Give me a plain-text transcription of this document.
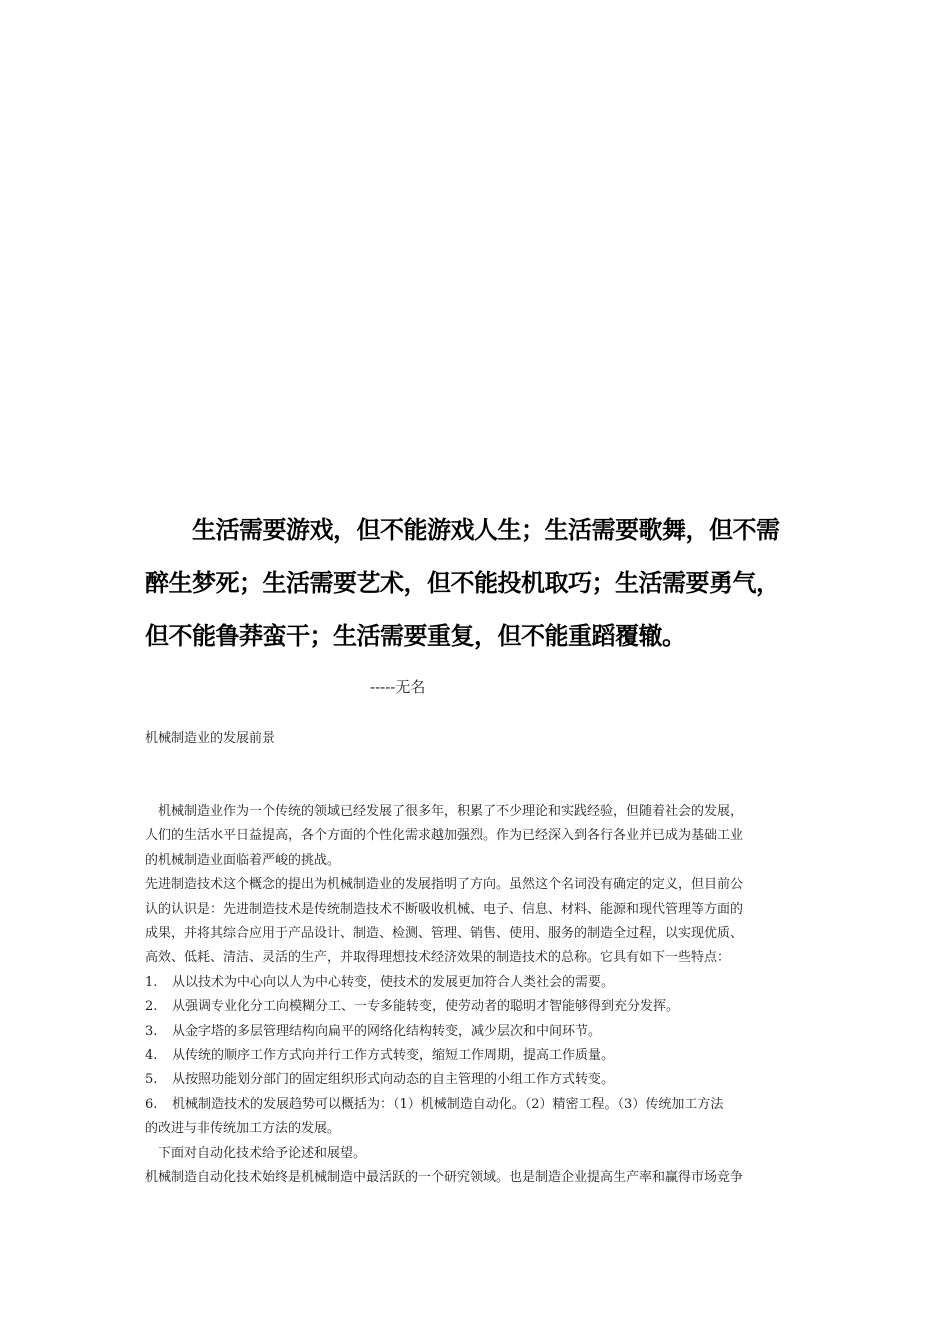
生活需要游戏，但不能游戏人生；生活需要歌舞，但不需
醉生梦死；生活需要艺术，但不能投机取巧；生活需要勇气，
但不能鲁莽蛮干；生活需要重复，但不能重蹈覆辙。
-----无名
机械制造业的发展前景
机械制造业作为一个传统的领域已经发展了很多年，积累了不少理论和实践经验，但随着社会的发展，
人们的生活水平日益提高，各个方面的个性化需求越加强烈。作为已经深入到各行各业并已成为基础工业
的机械制造业面临着严峻的挑战。
先进制造技术这个概念的提出为机械制造业的发展指明了方向。虽然这个名词没有确定的定义，但目前公
认的认识是：先进制造技术是传统制造技术不断吸收机械、电子、信息、材料、能源和现代管理等方面的
成果，并将其综合应用于产品设计、制造、检测、管理、销售、使用、服务的制造全过程，以实现优质、
高效、低耗、清洁、灵活的生产，并取得理想技术经济效果的制造技术的总称。它具有如下一些特点：
1. 从以技术为中心向以人为中心转变，使技术的发展更加符合人类社会的需要。
2. 从强调专业化分工向模糊分工、一专多能转变，使劳动者的聪明才智能够得到充分发挥。
3. 从金字塔的多层管理结构向扁平的网络化结构转变，减少层次和中间环节。
4. 从传统的顺序工作方式向并行工作方式转变，缩短工作周期，提高工作质量。
5. 从按照功能划分部门的固定组织形式向动态的自主管理的小组工作方式转变。
6. 机械制造技术的发展趋势可以概括为：（1）机械制造自动化。（2）精密工程。（3）传统加工方法
的改进与非传统加工方法的发展。
下面对自动化技术给予论述和展望。
机械制造自动化技术始终是机械制造中最活跃的一个研究领域。也是制造企业提高生产率和赢得市场竞争
